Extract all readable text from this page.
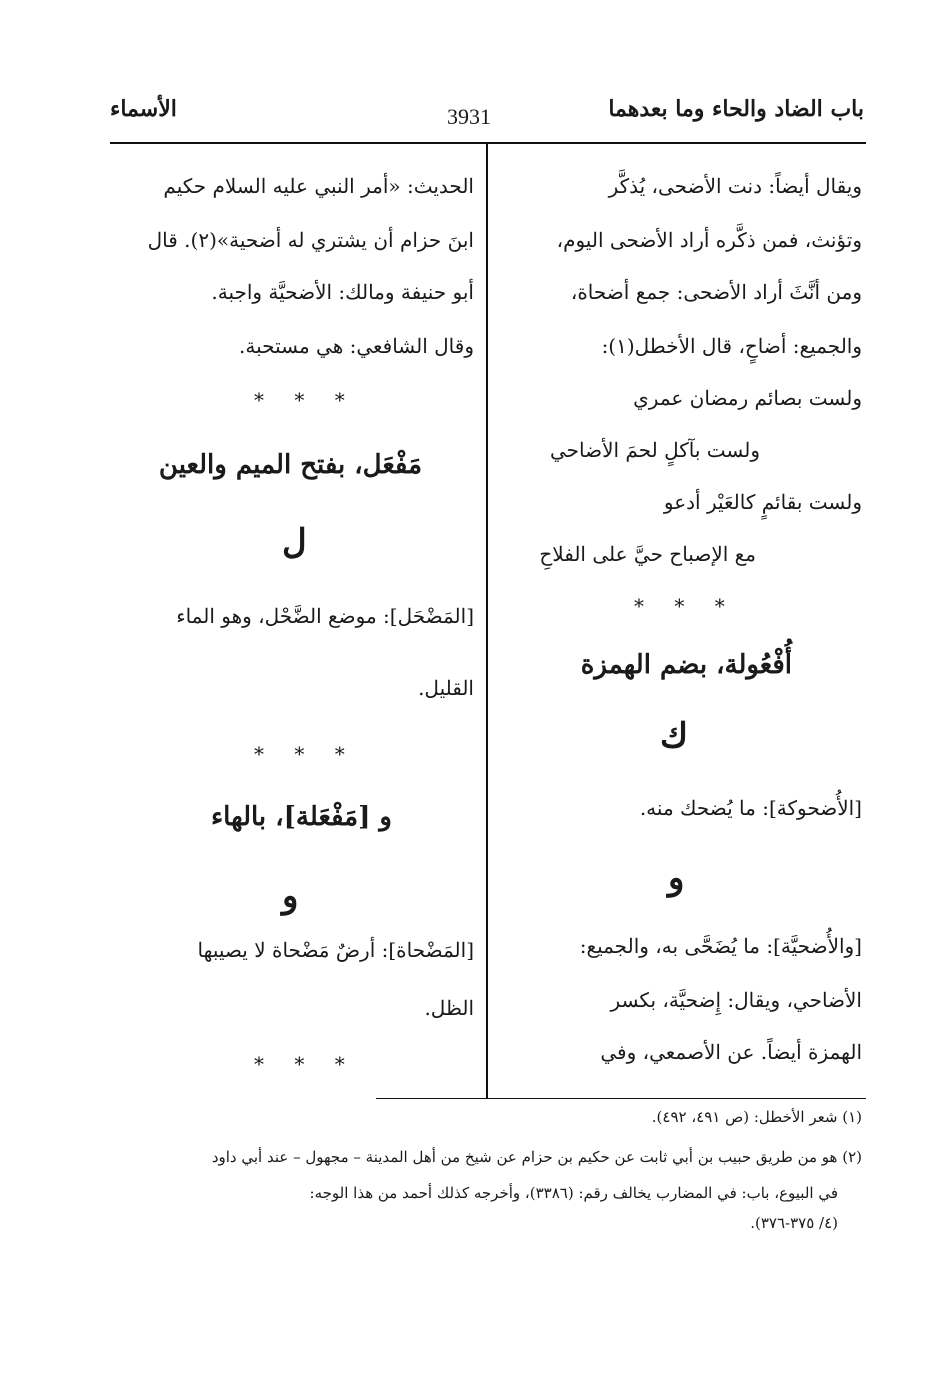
باب الضاد والحاء وما بعدهما
3931
الأسماء
ويقال أيضاً: دنت الأضحى، يُذكَّر
وتؤنث، فمن ذكَّره أراد الأضحى اليوم،
ومن أنَّثَ أراد الأضحى: جمع أضحاة،
والجميع: أضاحٍ، قال الأخطل(١):
ولست بصائم رمضان عمري
ولست بآكلٍ لحمَ الأضاحي
ولست بقائمٍ كالعَيْر أدعو
مع الإصباح حيَّ على الفلاحِ
* * *
أُفْعُولة، بضم الهمزة
ك
[الأُضحوكة]: ما يُضحك منه.
و
[والأُضحيَّة]: ما يُضَحَّى به، والجميع:
الأضاحي، ويقال: إِضحيَّة، بكسر
الهمزة أيضاً. عن الأصمعي، وفي
الحديث: «أمر النبي عليه السلام حكيم
ابنَ حزام أن يشتري له أضحية»(٢). قال
أبو حنيفة ومالك: الأضحيَّة واجبة.
وقال الشافعي: هي مستحبة.
* * *
مَفْعَل، بفتح الميم والعين
ل
[المَضْحَل]: موضع الضَّحْل، وهو الماء
القليل.
* * *
و [مَفْعَلة]، بالهاء
و
[المَضْحاة]: أرضٌ مَضْحاة لا يصيبها
الظل.
* * *
(١) شعر الأخطل: (ص ٤٩١، ٤٩٢).
(٢) هو من طريق حبيب بن أبي ثابت عن حكيم بن حزام عن شيخ من أهل المدينة – مجهول – عند أبي داود
في البيوع، باب: في المضارب يخالف رقم: (٣٣٨٦)، وأخرجه كذلك أحمد من هذا الوجه:
(٤/ ٣٧٥-٣٧٦).
